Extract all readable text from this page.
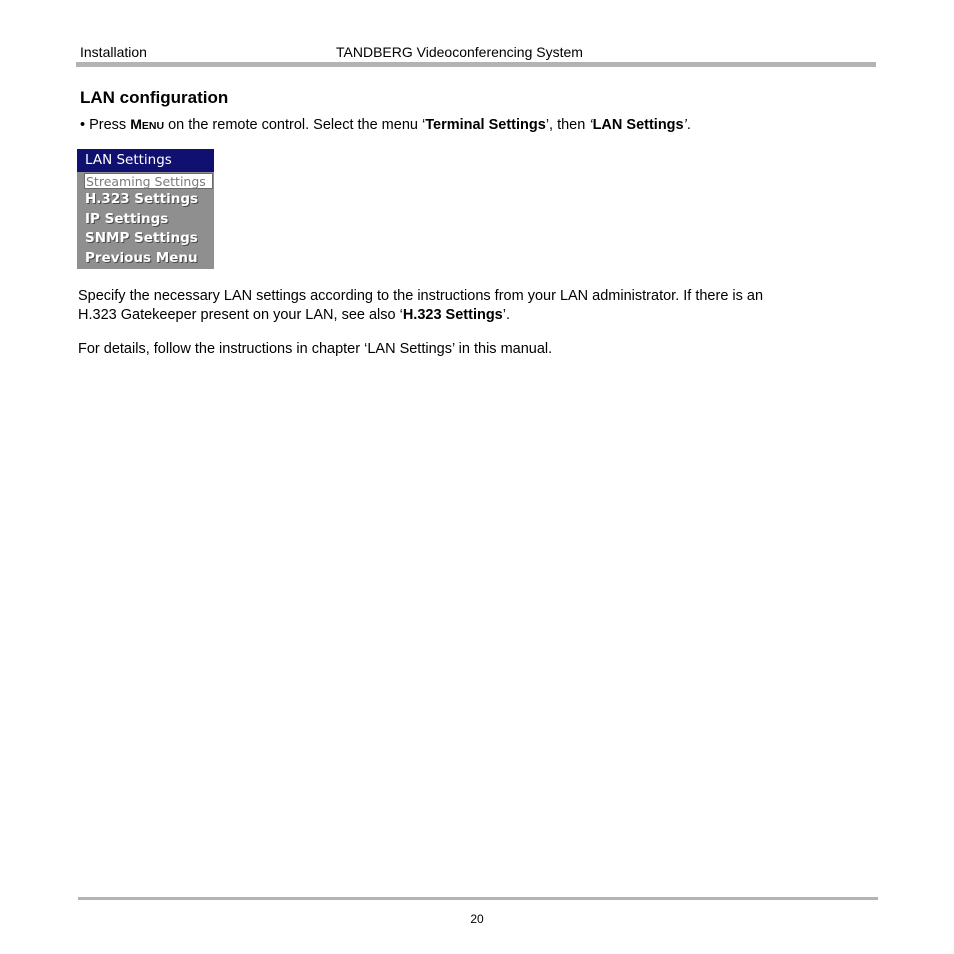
Installation	TANDBERG Videoconferencing System
LAN configuration
• Press MENU on the remote control. Select the menu ‘Terminal Settings’, then ‘LAN Settings’.
LAN Settings
Streaming Settings
H.323 Settings
IP Settings
SNMP Settings
Previous Menu
Specify the necessary LAN settings according to the instructions from your LAN administrator. If there is an
H.323 Gatekeeper present on your LAN, see also ‘H.323 Settings’.
For details, follow the instructions in chapter ‘LAN Settings’ in this manual.
20
